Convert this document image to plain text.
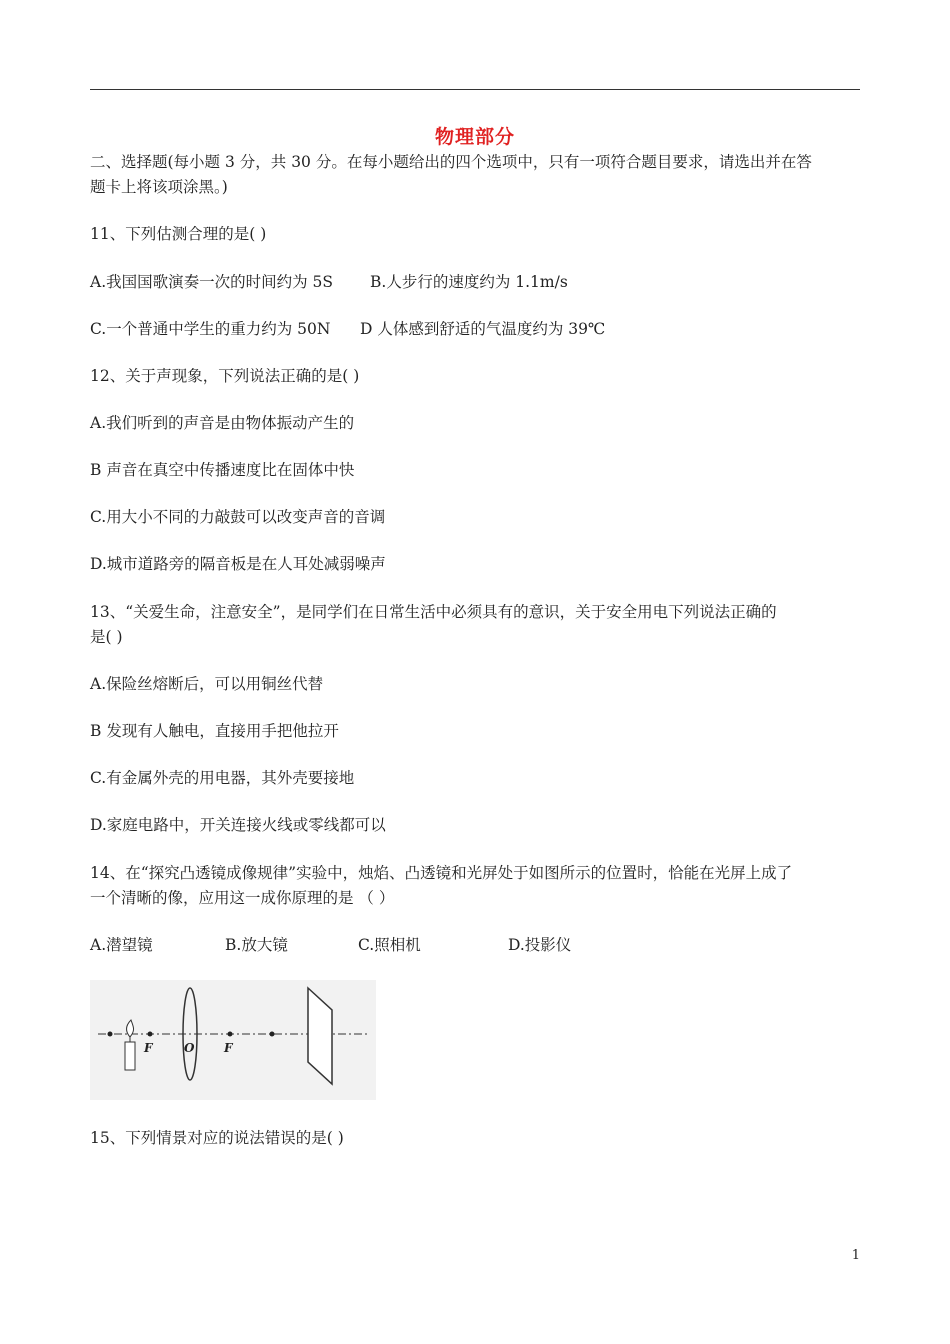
物理部分
二、选择题(每小题 3 分，共 30 分。在每小题给出的四个选项中，只有一项符合题目要求，请选出并在答
题卡上将该项涂黑。)
11、下列估测合理的是( )
A.我国国歌演奏一次的时间约为 5S B.人步行的速度约为 1.1m/s
C.一个普通中学生的重力约为 50N D 人体感到舒适的气温度约为 39℃
12、关于声现象，下列说法正确的是( )
A.我们听到的声音是由物体振动产生的
B 声音在真空中传播速度比在固体中快
C.用大小不同的力敲鼓可以改变声音的音调
D.城市道路旁的隔音板是在人耳处减弱噪声
13、“关爱生命，注意安全”，是同学们在日常生活中必须具有的意识，关于安全用电下列说法正确的
是( )
A.保险丝熔断后，可以用铜丝代替
B 发现有人触电，直接用手把他拉开
C.有金属外壳的用电器，其外壳要接地
D.家庭电路中，开关连接火线或零线都可以
14、在“探究凸透镜成像规律”实验中，烛焰、凸透镜和光屏处于如图所示的位置时，恰能在光屏上成了
一个清晰的像，应用这一成你原理的是 （ ）
A.潜望镜	B.放大镜	C.照相机	D.投影仪
F	O F
15、下列情景对应的说法错误的是( )
1
